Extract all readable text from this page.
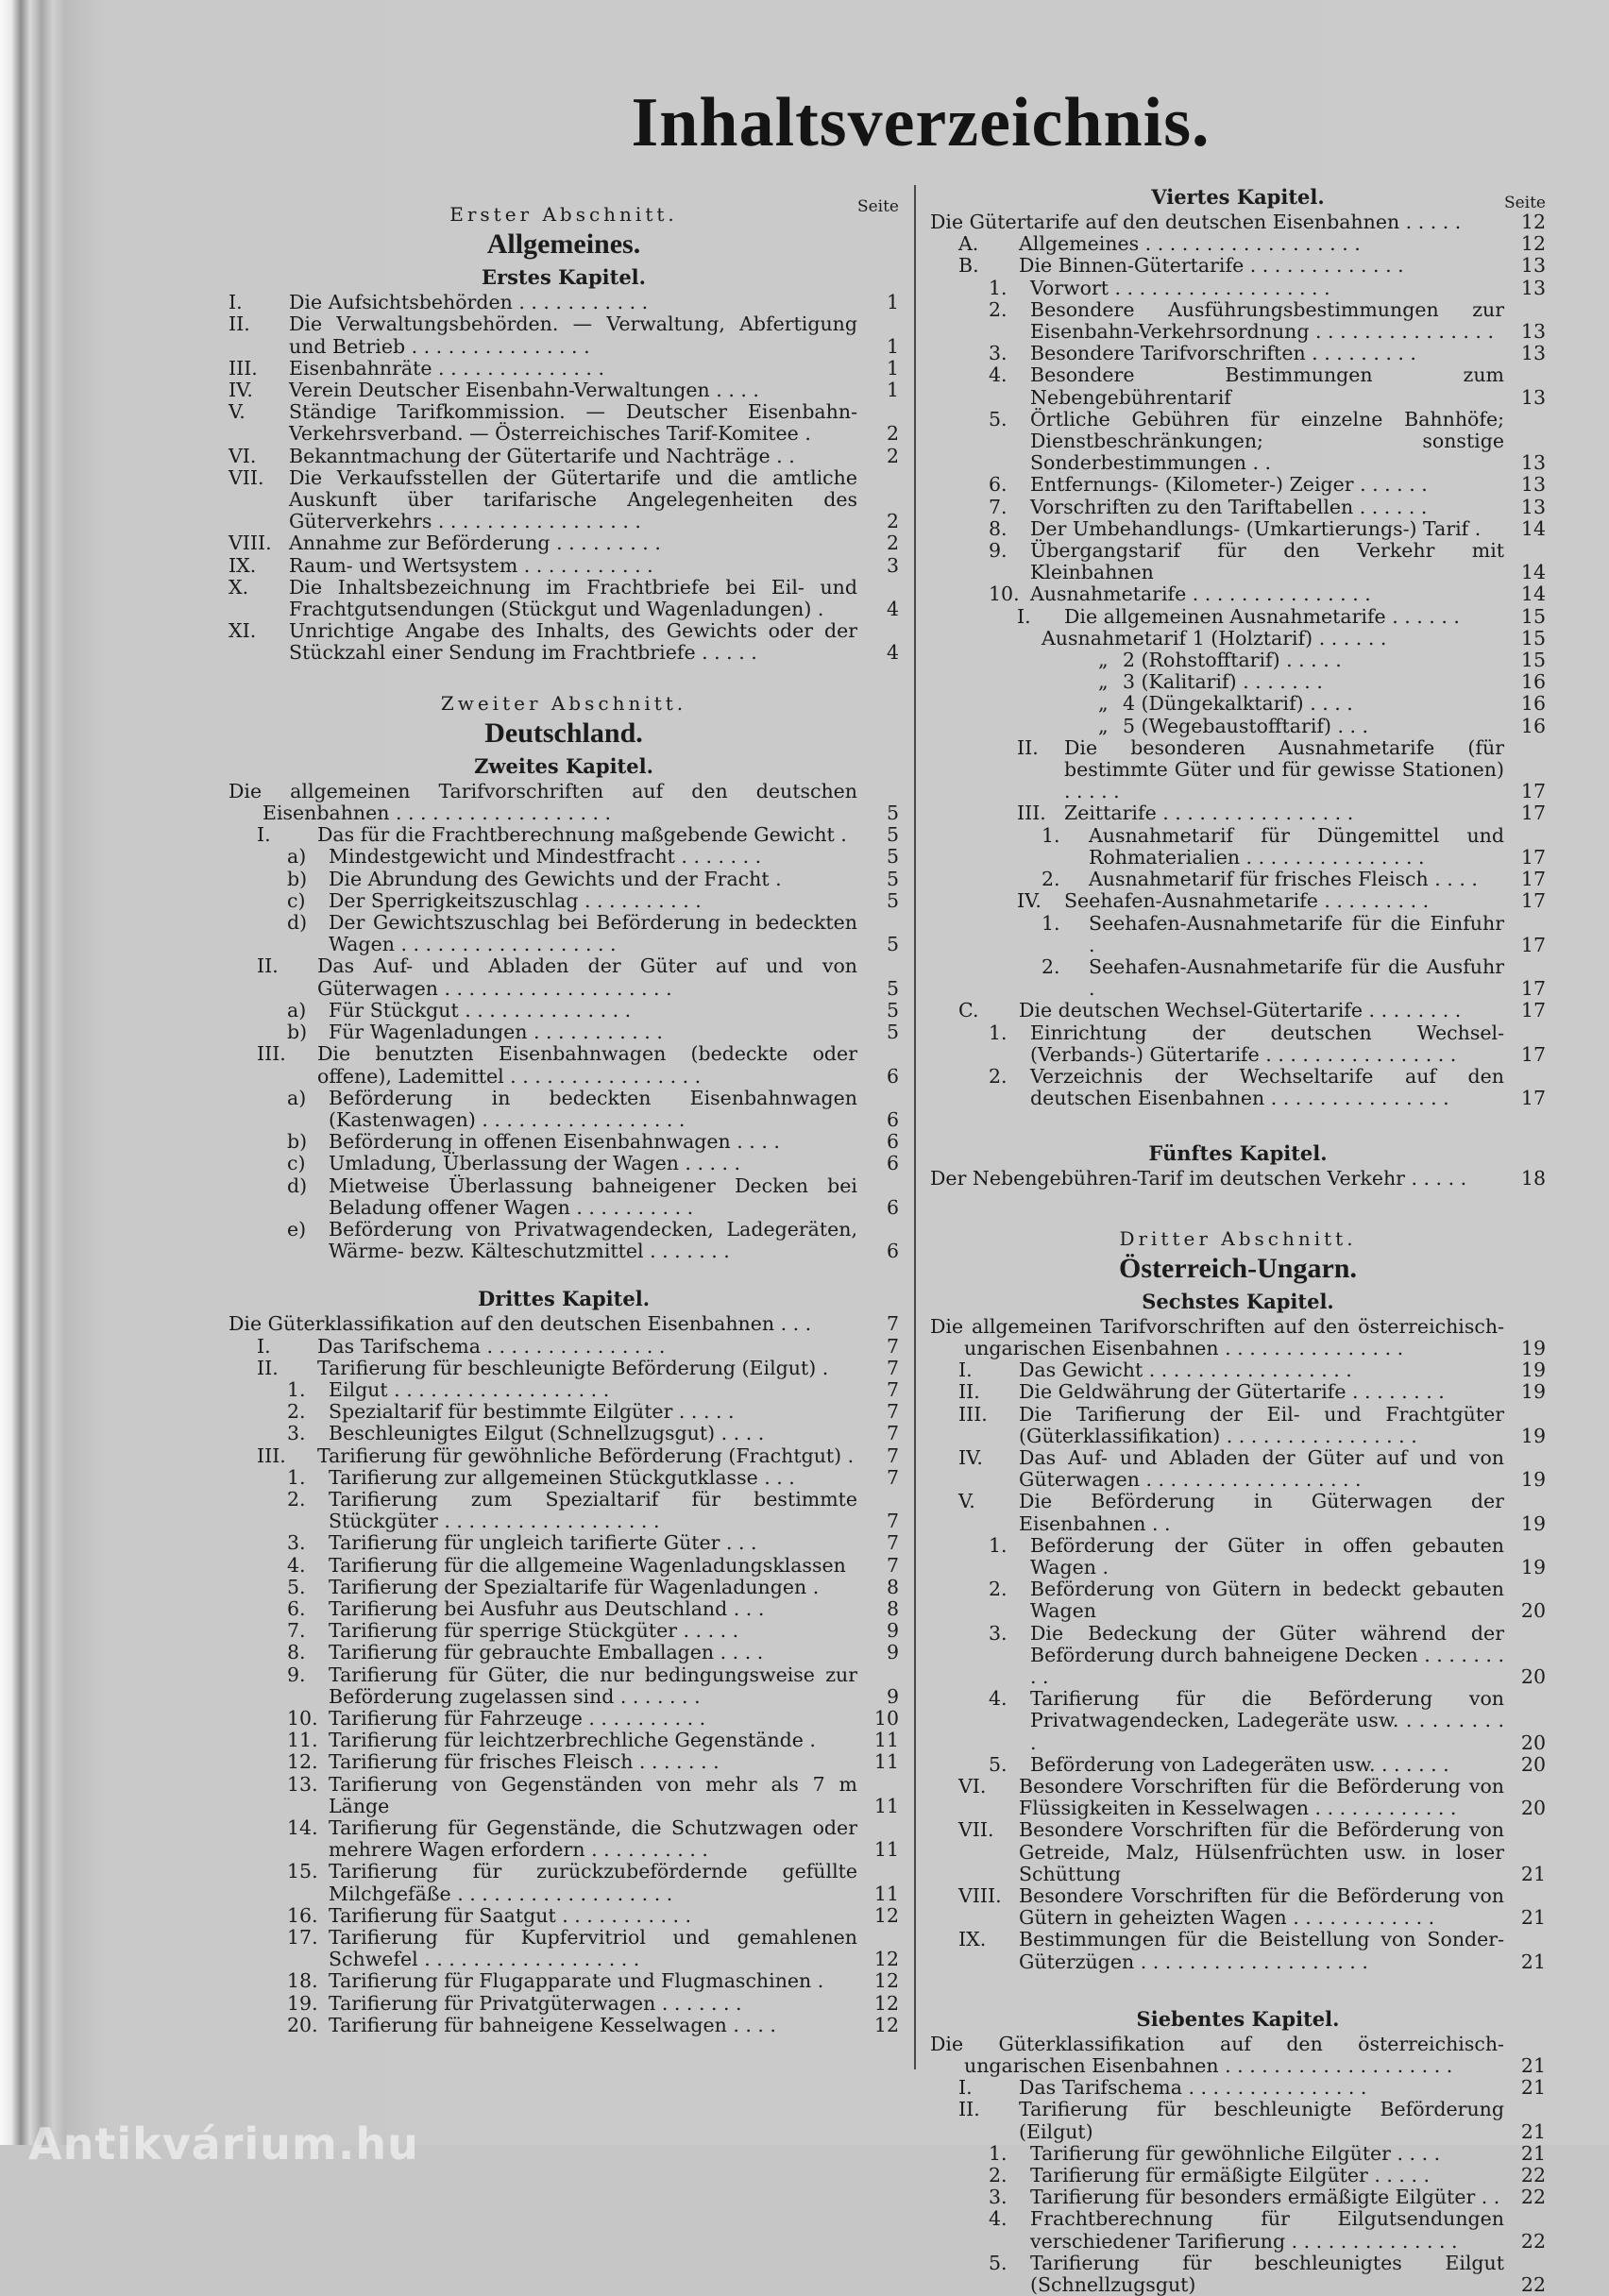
Inhaltsverzeichnis.
Seite
Erster Abschnitt.
Allgemeines.
Erstes Kapitel.
I.	Die Aufsichtsbehörden . . . . . . . . . . .	1
II.	Die Verwaltungsbehörden. — Verwaltung, Abfertigung und Betrieb . . . . . . . . . . . . . . .	1
III.	Eisenbahnräte . . . . . . . . . . . . . .	1
IV.	Verein Deutscher Eisenbahn-Verwaltungen . . . .	1
V.	Ständige Tarifkommission. — Deutscher Eisenbahn-Verkehrsverband. — Österreichisches Tarif-Komitee .	2
VI.	Bekanntmachung der Gütertarife und Nachträge . .	2
VII.	Die Verkaufsstellen der Gütertarife und die amtliche Auskunft über tarifarische Angelegenheiten des Güterverkehrs . . . . . . . . . . . . . . . . .	2
VIII. Annahme zur Beförderung . . . . . . . . .	2
IX.	Raum- und Wertsystem . . . . . . . . . . .	3
X.	Die Inhaltsbezeichnung im Frachtbriefe bei Eil- und Frachtgutsendungen (Stückgut und Wagenladungen) .	4
XI.	Unrichtige Angabe des Inhalts, des Gewichts oder der Stückzahl einer Sendung im Frachtbriefe . . . . .	4
Zweiter Abschnitt.
Deutschland.
Zweites Kapitel.
Die allgemeinen Tarifvorschriften auf den deutschen Eisenbahnen . . . . . . . . . . . . . . . . . .	5
I.	Das für die Frachtberechnung maßgebende Gewicht .	5
a)	Mindestgewicht und Mindestfracht . . . . . . .	5
b)	Die Abrundung des Gewichts und der Fracht .	5
c)	Der Sperrigkeitszuschlag . . . . . . . . . .	5
d)	Der Gewichtszuschlag bei Beförderung in bedeckten Wagen . . . . . . . . . . . . . . . . . .	5
II.	Das Auf- und Abladen der Güter auf und von Güterwagen . . . . . . . . . . . . . . . . . . .	5
a)	Für Stückgut . . . . . . . . . . . . . .	5
b)	Für Wagenladungen . . . . . . . . . . .	5
III.	Die benutzten Eisenbahnwagen (bedeckte oder offene), Lademittel . . . . . . . . . . . . . . . .	6
a)	Beförderung in bedeckten Eisenbahnwagen (Kastenwagen) . . . . . . . . . . . . . . . . .	6
b)	Beförderung in offenen Eisenbahnwagen . . . .	6
c)	Umladung, Überlassung der Wagen . . . . .	6
d)	Mietweise Überlassung bahneigener Decken bei Beladung offener Wagen . . . . . . . . . .	6
e)	Beförderung von Privatwagendecken, Ladegeräten, Wärme- bezw. Kälteschutzmittel . . . . . . .	6
Drittes Kapitel.
Die Güterklassifikation auf den deutschen Eisenbahnen . . .	7
I.	Das Tarifschema . . . . . . . . . . . . . . .	7
II.	Tarifierung für beschleunigte Beförderung (Eilgut) .	7
1.	Eilgut . . . . . . . . . . . . . . . . . .	7
2.	Spezialtarif für bestimmte Eilgüter . . . . .	7
3.	Beschleunigtes Eilgut (Schnellzugsgut) . . . .	7
III.	Tarifierung für gewöhnliche Beförderung (Frachtgut) .	7
1.	Tarifierung zur allgemeinen Stückgutklasse . . .	7
2.	Tarifierung zum Spezialtarif für bestimmte Stückgüter . . . . . . . . . . . . . . . . . .	7
3.	Tarifierung für ungleich tarifierte Güter . . .	7
4.	Tarifierung für die allgemeine Wagenladungsklassen	7
5.	Tarifierung der Spezialtarife für Wagenladungen .	8
6.	Tarifierung bei Ausfuhr aus Deutschland . . .	8
7.	Tarifierung für sperrige Stückgüter . . . . .	9
8.	Tarifierung für gebrauchte Emballagen . . . .	9
9.	Tarifierung für Güter, die nur bedingungsweise zur Beförderung zugelassen sind . . . . . . .	9
10. Tarifierung für Fahrzeuge . . . . . . . . . .	10
11. Tarifierung für leichtzerbrechliche Gegenstände .	11
12. Tarifierung für frisches Fleisch . . . . . . .	11
13. Tarifierung von Gegenständen von mehr als 7 m Länge	11
14. Tarifierung für Gegenstände, die Schutzwagen oder mehrere Wagen erfordern . . . . . . . . . .	11
15. Tarifierung für zurückzubefördernde gefüllte Milchgefäße . . . . . . . . . . . . . . . . . .	11
16. Tarifierung für Saatgut . . . . . . . . . . .	12
17. Tarifierung für Kupfervitriol und gemahlenen Schwefel . . . . . . . . . . . . . . . . . .	12
18. Tarifierung für Flugapparate und Flugmaschinen .	12
19. Tarifierung für Privatgüterwagen . . . . . . .	12
20. Tarifierung für bahneigene Kesselwagen . . . .	12
Seite
Viertes Kapitel.
Die Gütertarife auf den deutschen Eisenbahnen . . . . .	12
A.	Allgemeines . . . . . . . . . . . . . . . . . .	12
B.	Die Binnen-Gütertarife . . . . . . . . . . . . .	13
1.	Vorwort . . . . . . . . . . . . . . . . . .	13
2.	Besondere Ausführungsbestimmungen zur Eisenbahn-Verkehrsordnung . . . . . . . . . . . . . . .	13
3.	Besondere Tarifvorschriften . . . . . . . . .	13
4.	Besondere Bestimmungen zum Nebengebührentarif	13
5.	Örtliche Gebühren für einzelne Bahnhöfe; Dienstbeschränkungen; sonstige Sonderbestimmungen . .	13
6.	Entfernungs- (Kilometer-) Zeiger . . . . . .	13
7.	Vorschriften zu den Tariftabellen . . . . . .	13
8.	Der Umbehandlungs- (Umkartierungs-) Tarif .	14
9.	Übergangstarif für den Verkehr mit Kleinbahnen	14
10. Ausnahmetarife . . . . . . . . . . . . . . .	14
I.	Die allgemeinen Ausnahmetarife . . . . . .	15
Ausnahmetarif 1 (Holztarif) . . . . . .	15
„ 2 (Rohstofftarif) . . . . .	15
„ 3 (Kalitarif) . . . . . . .	16
„ 4 (Düngekalktarif) . . . .	16
„ 5 (Wegebaustofftarif) . . .	16
II.	Die besonderen Ausnahmetarife (für bestimmte Güter und für gewisse Stationen) . . . . .	17
III. Zeittarife . . . . . . . . . . . . . . . .	17
1.	Ausnahmetarif für Düngemittel und Rohmaterialien . . . . . . . . . . . . . . .	17
2.	Ausnahmetarif für frisches Fleisch . . . .	17
IV.	Seehafen-Ausnahmetarife . . . . . . . . .	17
1.	Seehafen-Ausnahmetarife für die Einfuhr .	17
2.	Seehafen-Ausnahmetarife für die Ausfuhr .	17
C.	Die deutschen Wechsel-Gütertarife . . . . . . . .	17
1.	Einrichtung der deutschen Wechsel- (Verbands-) Gütertarife . . . . . . . . . . . . . . . .	17
2.	Verzeichnis der Wechseltarife auf den deutschen Eisenbahnen . . . . . . . . . . . . . . .	17
Fünftes Kapitel.
Der Nebengebühren-Tarif im deutschen Verkehr . . . . .	18
Dritter Abschnitt.
Österreich-Ungarn.
Sechstes Kapitel.
Die allgemeinen Tarifvorschriften auf den österreichisch-ungarischen Eisenbahnen . . . . . . . . . . . . . . .	19
I.	Das Gewicht . . . . . . . . . . . . . . . . .	19
II.	Die Geldwährung der Gütertarife . . . . . . . .	19
III.	Die Tarifierung der Eil- und Frachtgüter (Güterklassifikation) . . . . . . . . . . . . . . . .	19
IV.	Das Auf- und Abladen der Güter auf und von Güterwagen . . . . . . . . . . . . . . . . . .	19
V.	Die Beförderung in Güterwagen der Eisenbahnen . .	19
1.	Beförderung der Güter in offen gebauten Wagen .	19
2.	Beförderung von Gütern in bedeckt gebauten Wagen	20
3.	Die Bedeckung der Güter während der Beförderung durch bahneigene Decken . . . . . . . . .	20
4.	Tarifierung für die Beförderung von Privatwagendecken, Ladegeräte usw. . . . . . . . . .	20
5.	Beförderung von Ladegeräten usw. . . . . . .	20
VI.	Besondere Vorschriften für die Beförderung von Flüssigkeiten in Kesselwagen . . . . . . . . . . . .	20
VII.	Besondere Vorschriften für die Beförderung von Getreide, Malz, Hülsenfrüchten usw. in loser Schüttung	21
VIII. Besondere Vorschriften für die Beförderung von Gütern in geheizten Wagen . . . . . . . . . . . .	21
IX.	Bestimmungen für die Beistellung von Sonder-Güterzügen . . . . . . . . . . . . . . . . . . .	21
Siebentes Kapitel.
Die Güterklassifikation auf den österreichisch-ungarischen Eisenbahnen . . . . . . . . . . . . . . . . . . .	21
I.	Das Tarifschema . . . . . . . . . . . . . . .	21
II.	Tarifierung für beschleunigte Beförderung (Eilgut)	21
1.	Tarifierung für gewöhnliche Eilgüter . . . .	21
2.	Tarifierung für ermäßigte Eilgüter . . . . .	22
3.	Tarifierung für besonders ermäßigte Eilgüter . .	22
4.	Frachtberechnung für Eilgutsendungen verschiedener Tarifierung . . . . . . . . . . . . . .	22
5.	Tarifierung für beschleunigtes Eilgut (Schnellzugsgut)	22
Antikvárium.hu
